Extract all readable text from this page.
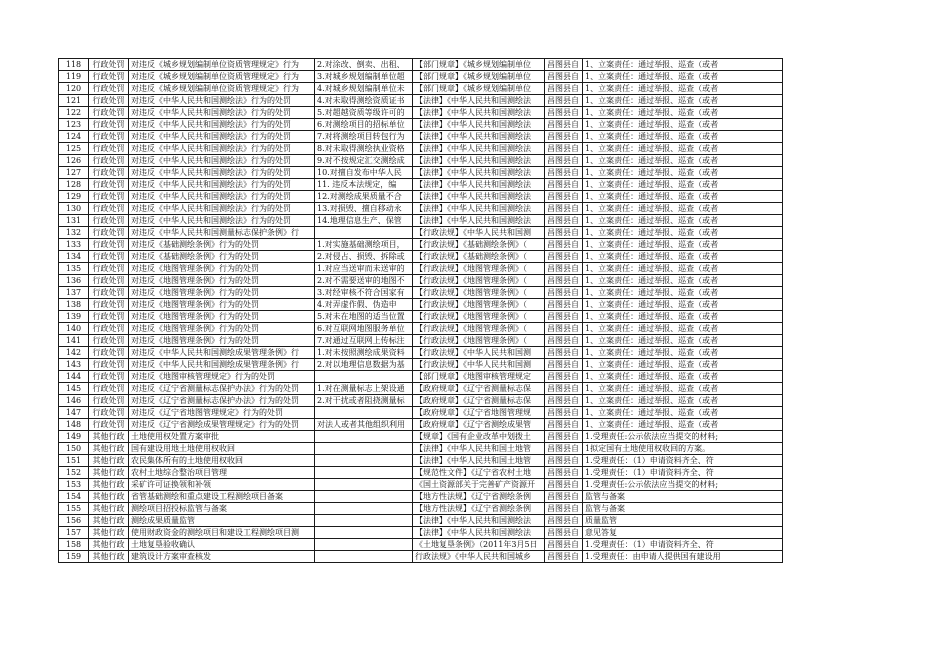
118	行政处罚	对违反《城乡规划编制单位资质管理规定》行为	2.对涂改、倒卖、出租、	【部门规章】《城乡规划编制单位	昌图县自	1、立案责任：通过举报、巡查（或者
119	行政处罚	对违反《城乡规划编制单位资质管理规定》行为	3.对城乡规划编制单位超	【部门规章】《城乡规划编制单位	昌图县自	1、立案责任：通过举报、巡查（或者
120	行政处罚	对违反《城乡规划编制单位资质管理规定》行为	4.对城乡规划编制单位未	【部门规章】《城乡规划编制单位	昌图县自	1、立案责任：通过举报、巡查（或者
121	行政处罚	对违反《中华人民共和国测绘法》行为的处罚	4.对未取得测绘资质证书	【法律】《中华人民共和国测绘法	昌图县自	1、立案责任：通过举报、巡查（或者
122	行政处罚	对违反《中华人民共和国测绘法》行为的处罚	5.对超越资质等级许可的	【法律】《中华人民共和国测绘法	昌图县自	1、立案责任：通过举报、巡查（或者
123	行政处罚	对违反《中华人民共和国测绘法》行为的处罚	6.对测绘项目的招标单位	【法律】《中华人民共和国测绘法	昌图县自	1、立案责任：通过举报、巡查（或者
124	行政处罚	对违反《中华人民共和国测绘法》行为的处罚	7.对将测绘项目转包行为	【法律】《中华人民共和国测绘法	昌图县自	1、立案责任：通过举报、巡查（或者
125	行政处罚	对违反《中华人民共和国测绘法》行为的处罚	8.对未取得测绘执业资格	【法律】《中华人民共和国测绘法	昌图县自	1、立案责任：通过举报、巡查（或者
126	行政处罚	对违反《中华人民共和国测绘法》行为的处罚	9.对不按规定汇交测绘成	【法律】《中华人民共和国测绘法	昌图县自	1、立案责任：通过举报、巡查（或者
127	行政处罚	对违反《中华人民共和国测绘法》行为的处罚	10.对擅自发布中华人民	【法律】《中华人民共和国测绘法	昌图县自	1、立案责任：通过举报、巡查（或者
128	行政处罚	对违反《中华人民共和国测绘法》行为的处罚	11. 违反本法规定，编	【法律】《中华人民共和国测绘法	昌图县自	1、立案责任：通过举报、巡查（或者
129	行政处罚	对违反《中华人民共和国测绘法》行为的处罚	12.对测绘成果质量不合	【法律】《中华人民共和国测绘法	昌图县自	1、立案责任：通过举报、巡查（或者
130	行政处罚	对违反《中华人民共和国测绘法》行为的处罚	13.对损毁、擅自移动永	【法律】《中华人民共和国测绘法	昌图县自	1、立案责任：通过举报、巡查（或者
131	行政处罚	对违反《中华人民共和国测绘法》行为的处罚	14.地理信息生产、保管	【法律】《中华人民共和国测绘法	昌图县自	1、立案责任：通过举报、巡查（或者
132	行政处罚	对违反《中华人民共和国测量标志保护条例》行		【行政法规】《中华人民共和国测	昌图县自	1、立案责任：通过举报、巡查（或者
133	行政处罚	对违反《基础测绘条例》行为的处罚	1.对实施基础测绘项目，	【行政法规】《基础测绘条例》（	昌图县自	1、立案责任：通过举报、巡查（或者
134	行政处罚	对违反《基础测绘条例》行为的处罚	2.对侵占、损毁、拆除或	【行政法规】《基础测绘条例》（	昌图县自	1、立案责任：通过举报、巡查（或者
135	行政处罚	对违反《地图管理条例》行为的处罚	1.对应当送审而未送审的	【行政法规】《地图管理条例》（	昌图县自	1、立案责任：通过举报、巡查（或者
136	行政处罚	对违反《地图管理条例》行为的处罚	2.对不需要送审的地图不	【行政法规】《地图管理条例》（	昌图县自	1、立案责任：通过举报、巡查（或者
137	行政处罚	对违反《地图管理条例》行为的处罚	3.对经审核不符合国家有	【行政法规】《地图管理条例》（	昌图县自	1、立案责任：通过举报、巡查（或者
138	行政处罚	对违反《地图管理条例》行为的处罚	4.对弄虚作假、伪造申	【行政法规】《地图管理条例》（	昌图县自	1、立案责任：通过举报、巡查（或者
139	行政处罚	对违反《地图管理条例》行为的处罚	5.对未在地图的适当位置	【行政法规】《地图管理条例》（	昌图县自	1、立案责任：通过举报、巡查（或者
140	行政处罚	对违反《地图管理条例》行为的处罚	6.对互联网地图服务单位	【行政法规】《地图管理条例》（	昌图县自	1、立案责任：通过举报、巡查（或者
141	行政处罚	对违反《地图管理条例》行为的处罚	7.对通过互联网上传标注	【行政法规】《地图管理条例》（	昌图县自	1、立案责任：通过举报、巡查（或者
142	行政处罚	对违反《中华人民共和国测绘成果管理条例》行	1.对未按照测绘成果资料	【行政法规】《中华人民共和国测	昌图县自	1、立案责任：通过举报、巡查（或者
143	行政处罚	对违反《中华人民共和国测绘成果管理条例》行	2.对以地理信息数据为基	【行政法规】《中华人民共和国测	昌图县自	1、立案责任：通过举报、巡查（或者
144	行政处罚	对违反《地图审核管理规定》行为的处罚		【部门规章】《地图审核管理规定	昌图县自	1、立案责任：通过举报、巡查（或者
145	行政处罚	对违反《辽宁省测量标志保护办法》行为的处罚	1.对在测量标志上架设通	【政府规章】《辽宁省测量标志保	昌图县自	1、立案责任：通过举报、巡查（或者
146	行政处罚	对违反《辽宁省测量标志保护办法》行为的处罚	2.对干扰或者阻挠测量标	【政府规章】《辽宁省测量标志保	昌图县自	1、立案责任：通过举报、巡查（或者
147	行政处罚	对违反《辽宁省地图管理规定》行为的处罚		【政府规章】《辽宁省地图管理规	昌图县自	1、立案责任：通过举报、巡查（或者
148	行政处罚	对违反《辽宁省测绘成果管理规定》行为的处罚	对法人或者其他组织利用	【政府规章】《辽宁省测绘成果管	昌图县自	1、立案责任：通过举报、巡查（或者
149	其他行政	土地使用权处置方案审批		【规章】《国有企业改革中划拨土	昌图县自	1.受理责任:公示依法应当提交的材料;
150	其他行政	国有建设用地土地使用权收回		【法律】《中华人民共和国土地管	昌图县自	1拟定国有土地使用权收回的方案。
151	其他行政	农民集体所有的土地使用权收回		【法律】《中华人民共和国土地管	昌图县自	1.受理责任：（1）申请资料齐全、符
152	其他行政	农村土地综合整治项目管理		【规范性文件】《辽宁省农村土地	昌图县自	1.受理责任：（1）申请资料齐全、符
153	其他行政	采矿许可证换领和补领		《国土资源部关于完善矿产资源开	昌图县自	1.受理责任:公示依法应当提交的材料;
154	其他行政	省管基础测绘和重点建设工程测绘项目备案		【地方性法规】《辽宁省测绘条例	昌图县自	监管与备案
155	其他行政	测绘项目招投标监管与备案		【地方性法规】《辽宁省测绘条例	昌图县自	监管与备案
156	其他行政	测绘成果质量监管		【法律】《中华人民共和国测绘法	昌图县自	质量监管
157	其他行政	使用财政资金的测绘项目和建设工程测绘项目测		【法律】《中华人民共和国测绘法	昌图县自	意见答复
158	其他行政	土地复垦验收确认		《土地复垦条例》（2011年3月5日	昌图县自	1.受理责任：（1）申请资料齐全、符
159	其他行政	建筑设计方案审查核发		行政法规》《中华人民共和国城乡	昌图县自	1.受理责任：由申请人提供国有建设用
